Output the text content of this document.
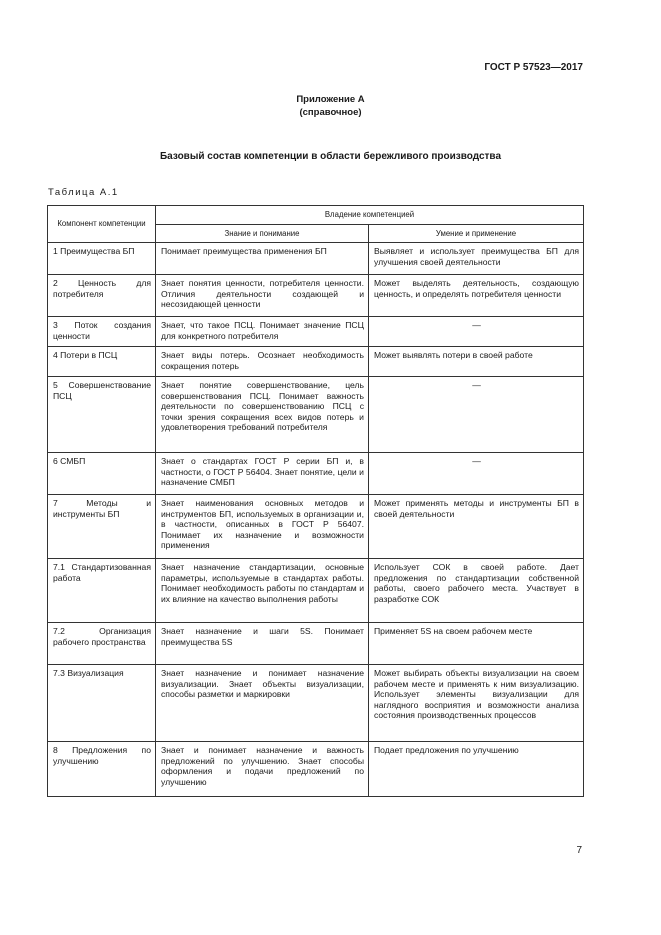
ГОСТ Р 57523—2017
Приложение А
(справочное)
Базовый состав компетенции в области бережливого производства
Таблица А.1
Компонент компетенции	Владение компетенцией	
	Знание и понимание	Умение и применение
1 Преимущества БП	Понимает преимущества применения БП	Выявляет и использует преимущества БП для улучшения своей деятельности
2 Ценность для потребителя	Знает понятия ценности, потребителя ценности. Отличия деятельности создающей и несозидающей ценности	Может выделять деятельность, создающую ценность, и определять потребителя ценности
3 Поток создания ценности	Знает, что такое ПСЦ. Понимает значение ПСЦ для конкретного потребителя	—
4 Потери в ПСЦ	Знает виды потерь. Осознает необходимость сокращения потерь	Может выявлять потери в своей работе
5 Совершенствование ПСЦ	Знает понятие совершенствование, цель совершенствования ПСЦ. Понимает важность деятельности по совершенствованию ПСЦ с точки зрения сокращения всех видов потерь и удовлетворения требований потребителя	—
6 СМБП	Знает о стандартах ГОСТ Р серии БП и, в частности, о ГОСТ Р 56404. Знает понятие, цели и назначение СМБП	—
7 Методы и инструменты БП	Знает наименования основных методов и инструментов БП, используемых в организации и, в частности, описанных в ГОСТ Р 56407. Понимает их назначение и возможности применения	Может применять методы и инструменты БП в своей деятельности
7.1 Стандартизованная работа	Знает назначение стандартизации, основные параметры, используемые в стандартах работы. Понимает необходимость работы по стандартам и их влияние на качество выполнения работы	Использует СОК в своей работе. Дает предложения по стандартизации собственной работы, своего рабочего места. Участвует в разработке СОК
7.2 Организация рабочего пространства	Знает назначение и шаги 5S. Понимает преимущества 5S	Применяет 5S на своем рабочем месте
7.3 Визуализация	Знает назначение и понимает назначение визуализации. Знает объекты визуализации, способы разметки и маркировки	Может выбирать объекты визуализации на своем рабочем месте и применять к ним визуализацию. Использует элементы визуализации для наглядного восприятия и возможности анализа состояния производственных процессов
8 Предложения по улучшению	Знает и понимает назначение и важность предложений по улучшению. Знает способы оформления и подачи предложений по улучшению	Подает предложения по улучшению
7
